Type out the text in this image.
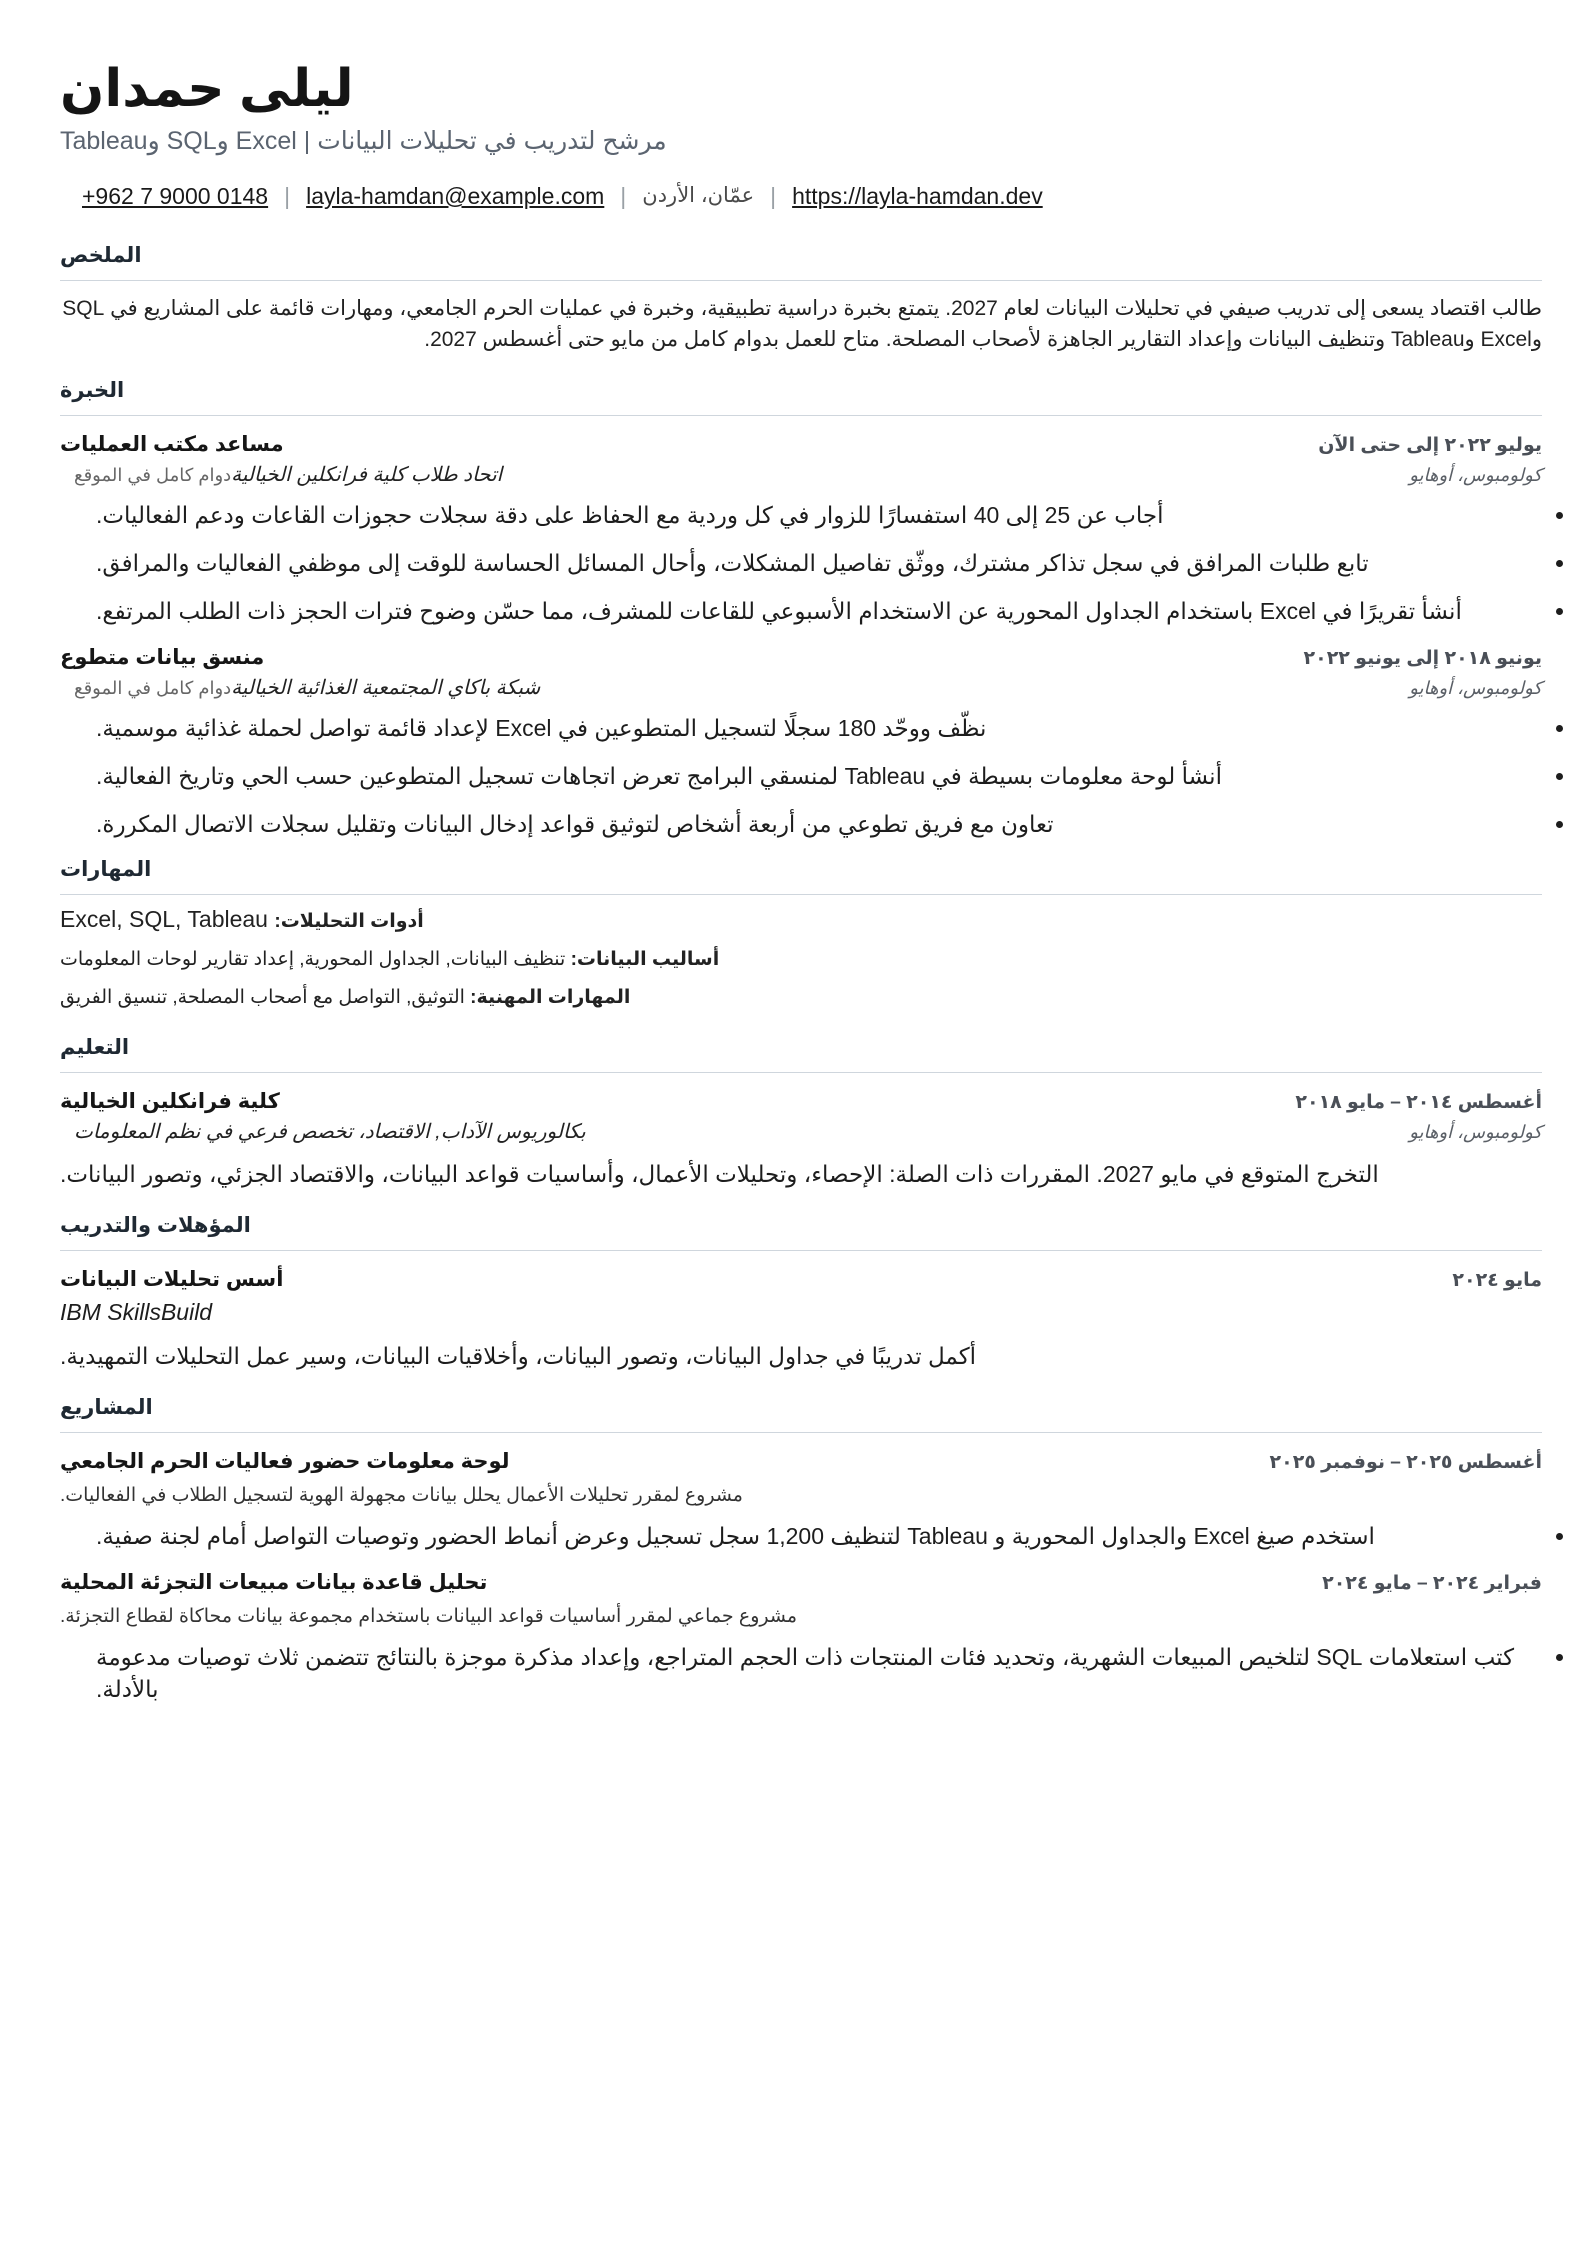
ليلى حمدان
مرشح لتدريب في تحليلات البيانات | Excel وSQL وTableau
+962 7 9000 0148 | layla-hamdan@example.com | عمّان، الأردن | https://layla-hamdan.dev
الملخص
طالب اقتصاد يسعى إلى تدريب صيفي في تحليلات البيانات لعام 2027. يتمتع بخبرة دراسية تطبيقية، وخبرة في عمليات الحرم الجامعي، ومهارات قائمة على المشاريع في SQL وExcel وTableau وتنظيف البيانات وإعداد التقارير الجاهزة لأصحاب المصلحة. متاح للعمل بدوام كامل من مايو حتى أغسطس 2027.
الخبرة
مساعد مكتب العمليات	يوليو ٢٠٢٢ إلى حتى الآن
اتحاد طلاب كلية فرانكلين الخياليةدوام كامل في الموقع	كولومبوس، أوهايو
• أجاب عن 25 إلى 40 استفسارًا للزوار في كل وردية مع الحفاظ على دقة سجلات حجوزات القاعات ودعم الفعاليات.
• تابع طلبات المرافق في سجل تذاكر مشترك، ووثّق تفاصيل المشكلات، وأحال المسائل الحساسة للوقت إلى موظفي الفعاليات والمرافق.
• أنشأ تقريرًا في Excel باستخدام الجداول المحورية عن الاستخدام الأسبوعي للقاعات للمشرف، مما حسّن وضوح فترات الحجز ذات الطلب المرتفع.
منسق بيانات متطوع	يونيو ٢٠١٨ إلى يونيو ٢٠٢٢
شبكة باكاي المجتمعية الغذائية الخياليةدوام كامل في الموقع	كولومبوس، أوهايو
• نظّف ووحّد 180 سجلًا لتسجيل المتطوعين في Excel لإعداد قائمة تواصل لحملة غذائية موسمية.
• أنشأ لوحة معلومات بسيطة في Tableau لمنسقي البرامج تعرض اتجاهات تسجيل المتطوعين حسب الحي وتاريخ الفعالية.
• تعاون مع فريق تطوعي من أربعة أشخاص لتوثيق قواعد إدخال البيانات وتقليل سجلات الاتصال المكررة.
المهارات
أدوات التحليلات: Excel, SQL, Tableau
أساليب البيانات: تنظيف البيانات, الجداول المحورية, إعداد تقارير لوحات المعلومات
المهارات المهنية: التوثيق, التواصل مع أصحاب المصلحة, تنسيق الفريق
التعليم
كلية فرانكلين الخيالية	أغسطس ٢٠١٤ – مايو ٢٠١٨
بكالوريوس الآداب, الاقتصاد، تخصص فرعي في نظم المعلومات	كولومبوس، أوهايو
التخرج المتوقع في مايو 2027. المقررات ذات الصلة: الإحصاء، وتحليلات الأعمال، وأساسيات قواعد البيانات، والاقتصاد الجزئي، وتصور البيانات.
المؤهلات والتدريب
أسس تحليلات البيانات	مايو ٢٠٢٤
IBM SkillsBuild
أكمل تدريبًا في جداول البيانات، وتصور البيانات، وأخلاقيات البيانات، وسير عمل التحليلات التمهيدية.
المشاريع
لوحة معلومات حضور فعاليات الحرم الجامعي	أغسطس ٢٠٢٥ – نوفمبر ٢٠٢٥
مشروع لمقرر تحليلات الأعمال يحلل بيانات مجهولة الهوية لتسجيل الطلاب في الفعاليات.
• استخدم صيغ Excel والجداول المحورية و Tableau لتنظيف 1,200 سجل تسجيل وعرض أنماط الحضور وتوصيات التواصل أمام لجنة صفية.
تحليل قاعدة بيانات مبيعات التجزئة المحلية	فبراير ٢٠٢٤ – مايو ٢٠٢٤
مشروع جماعي لمقرر أساسيات قواعد البيانات باستخدام مجموعة بيانات محاكاة لقطاع التجزئة.
• كتب استعلامات SQL لتلخيص المبيعات الشهرية، وتحديد فئات المنتجات ذات الحجم المتراجع، وإعداد مذكرة موجزة بالنتائج تتضمن ثلاث توصيات مدعومة بالأدلة.
